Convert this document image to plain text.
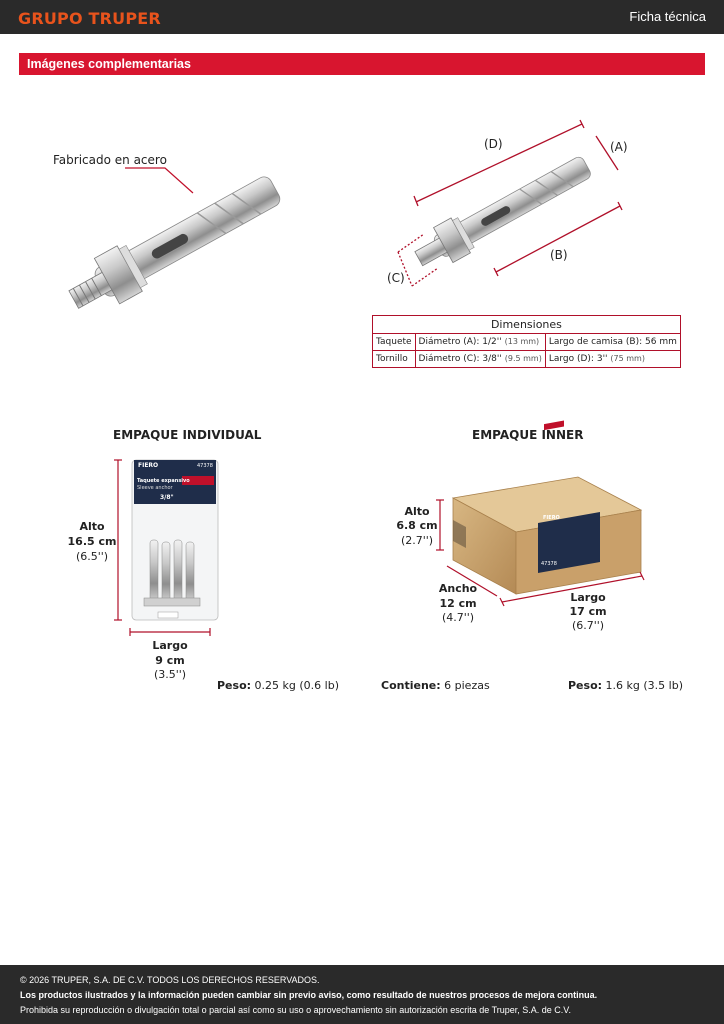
GRUPO TRUPER	Ficha técnica
Imágenes complementarias
Fabricado en acero
(D)	(A)
(B)
(C)
Dimensiones		
Taquete	Diámetro (A): 1/2'' (13 mm)	Largo de camisa (B): 56 mm
Tornillo	Diámetro (C): 3/8'' (9.5 mm)	Largo (D): 3'' (75 mm)
EMPAQUE INDIVIDUAL
Alto
16.5 cm
(6.5'')
Largo
9 cm
(3.5'')
Peso: 0.25 kg (0.6 lb)
FIERO	47378
Taquete expansivo
Sleeve anchor
3/8"
EMPAQUE INNER
Alto
6.8 cm
(2.7'')
Ancho
12 cm
(4.7'')
Largo
17 cm
(6.7'')
Contiene: 6 piezas	Peso: 1.6 kg (3.5 lb)
FIERO
47378

© 2026 TRUPER, S.A. DE C.V. TODOS LOS DERECHOS RESERVADOS.

Los productos ilustrados y la información pueden cambiar sin previo aviso, como resultado de nuestros procesos de mejora continua.

Prohibida su reproducción o divulgación total o parcial así como su uso o aprovechamiento sin autorización escrita de Truper, S.A. de C.V.
